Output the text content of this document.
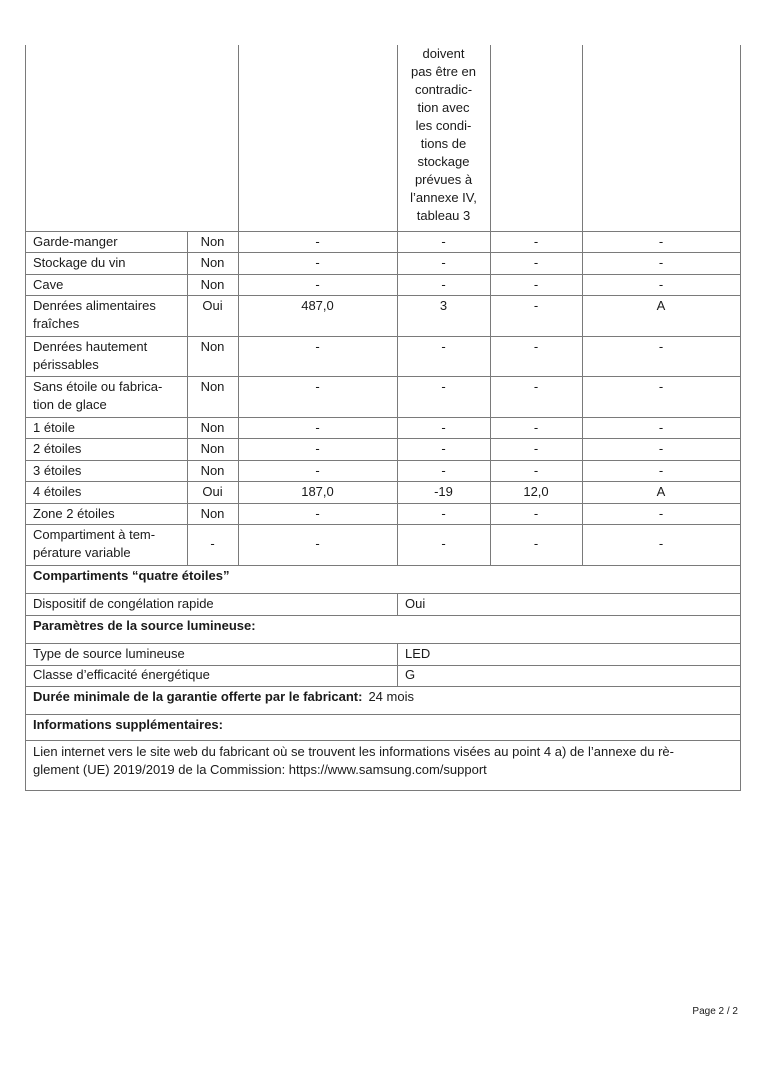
doivent
pas être en
contradic-
tion avec
les condi-
tions de
stockage
prévues à
l’annexe IV,
tableau 3
Garde-manger	Non	-	-	-	-
Stockage du vin	Non	-	-	-	-
Cave	Non	-	-	-	-
Denrées alimentaires
fraîches
Oui	487,0	3	-	A
Denrées hautement
périssables
Non	-	-	-	-
Sans étoile ou fabrica-
tion de glace
Non	-	-	-	-
1 étoile	Non	-	-	-	-
2 étoiles	Non	-	-	-	-
3 étoiles	Non	-	-	-	-
4 étoiles	Oui	187,0	-19	12,0	A
Zone 2 étoiles	Non	-	-	-	-
Compartiment à tem-
pérature variable
-	-	-	-	-
Compartiments “quatre étoiles”
Dispositif de congélation rapide	Oui
Paramètres de la source lumineuse:
Type de source lumineuse	LED
Classe d’efficacité énergétique	G
Durée minimale de la garantie offerte par le fabricant: 24 mois
Informations supplémentaires:
Lien internet vers le site web du fabricant où se trouvent les informations visées au point 4 a) de l’annexe du rè-
glement (UE) 2019/2019 de la Commission: https://www.samsung.com/support
Page 2 / 2
